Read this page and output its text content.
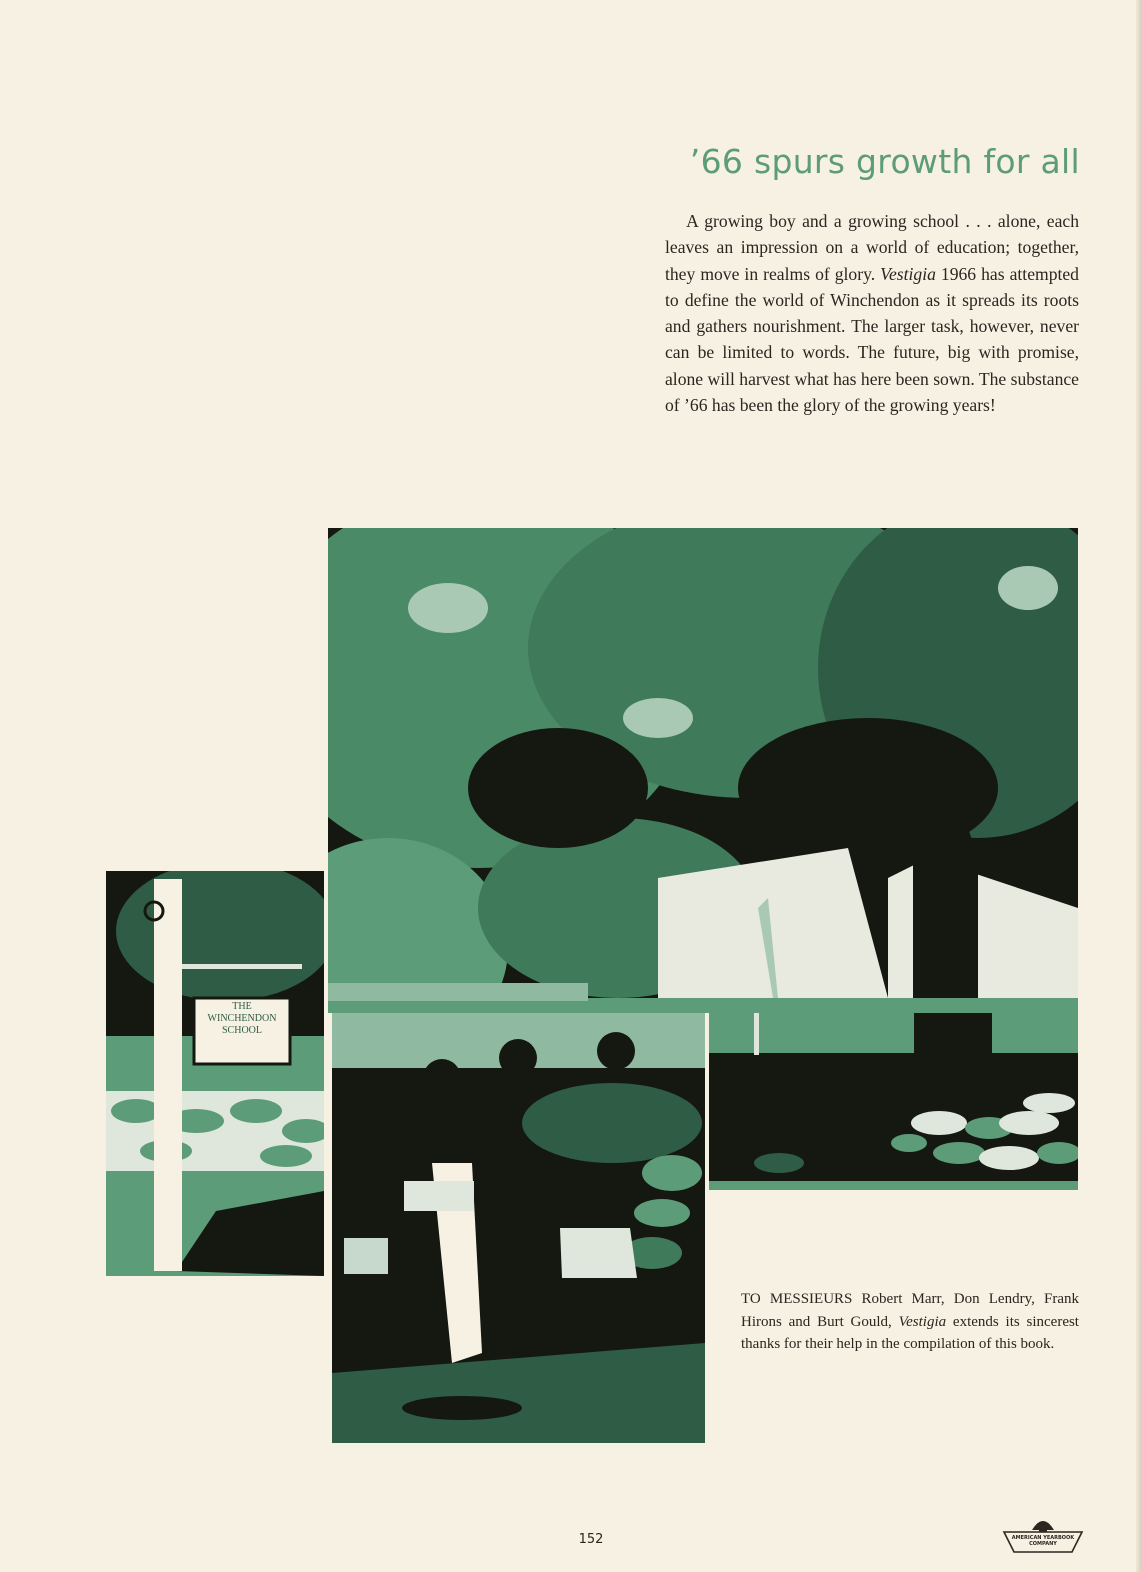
’66 spurs growth for all

A growing boy and a growing school . . . alone, each leaves an impression on a world of education; together, they move in realms of glory. Vestigia 1966 has attempted to define the world of Winchendon as it spreads its roots and gathers nourishment. The larger task, however, never can be limited to words. The future, big with promise, alone will harvest what has here been sown. The substance of ’66 has been the glory of the growing years!

THE
WINCHENDON
SCHOOL

TO MESSIEURS Robert Marr, Don Lendry, Frank Hirons and Burt Gould, Vestigia extends its sincerest thanks for their help in the compilation of this book.

152	AMERICAN YEARBOOK
COMPANY
